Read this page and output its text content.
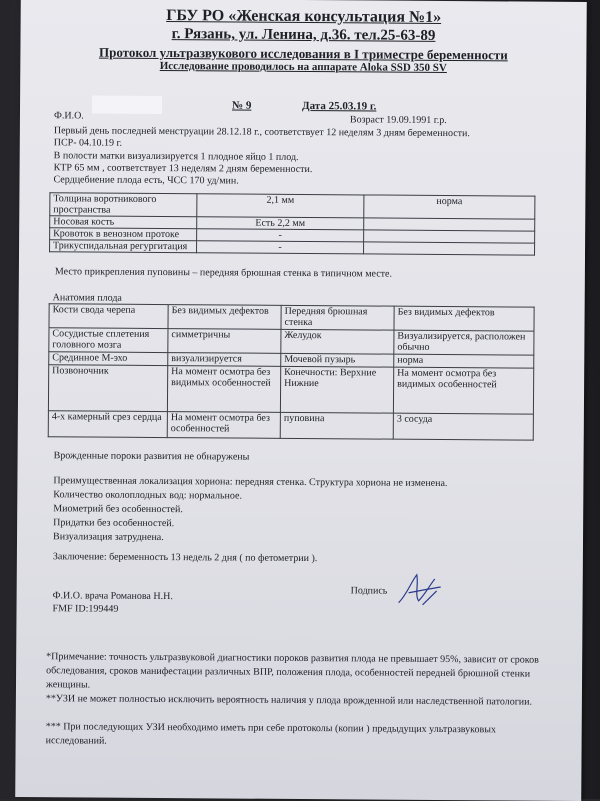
ГБУ РО «Женская консультация №1»
г. Рязань, ул. Ленина, д.36. тел.25-63-89
Протокол ультразвукового исследования в I триместре беременности
Исследование проводилось на аппарате Aloka SSD 350 SV
№ 9	Дата 25.03.19 г.
Ф.И.О.	Возраст 19.09.1991 г.р.
Первый день последней менструации 28.12.18 г., соответствует 12 неделям 3 дням беременности.
ПСР- 04.10.19 г.
В полости матки визуализируется 1 плодное яйцо 1 плод.
КТР 65 мм , соответствует 13 неделям 2 дням беременности.
Сердцебиение плода есть, ЧСС 170 уд/мин.
Толщина воротникового пространства	2,1 мм	норма
Носовая кость	Есть 2,2 мм	
Кровоток в венозном протоке	-	
Трикуспидальная регургитация	-	
Место прикрепления пуповины – передняя брюшная стенка в типичном месте.
Анатомия плода
Кости свода черепа	Без видимых дефектов	Передняя брюшная стенка	Без видимых дефектов
Сосудистые сплетения головного мозга	симметричны	Желудок	Визуализируется, расположен обычно
Срединное М-эхо	визуализируется	Мочевой пузырь	норма
Позвоночник	На момент осмотра без видимых особенностей	Конечности: Верхние Нижние	На момент осмотра без видимых особенностей
4-х камерный срез сердца	На момент осмотра без особенностей	пуповина	3 сосуда
Врожденные пороки развития не обнаружены
Преимущественная локализация хориона: передняя стенка. Структура хориона не изменена.
Количество околоплодных вод: нормальное.
Миометрий без особенностей.
Придатки без особенностей.
Визуализация затруднена.
Заключение: беременность 13 недель 2 дня ( по фетометрии ).
Подпись
Ф.И.О. врача Романова Н.Н.
FMF ID:199449
*Примечание: точность ультразвуковой диагностики пороков развития плода не превышает 95%, зависит от сроков обследования, сроков манифестации различных ВПР, положения плода, особенностей передней брюшной стенки женщины.
**УЗИ не может полностью исключить вероятность наличия у плода врожденной или наследственной патологии.
*** При последующих УЗИ необходимо иметь при себе протоколы (копии ) предыдущих ультразвуковых исследований.
